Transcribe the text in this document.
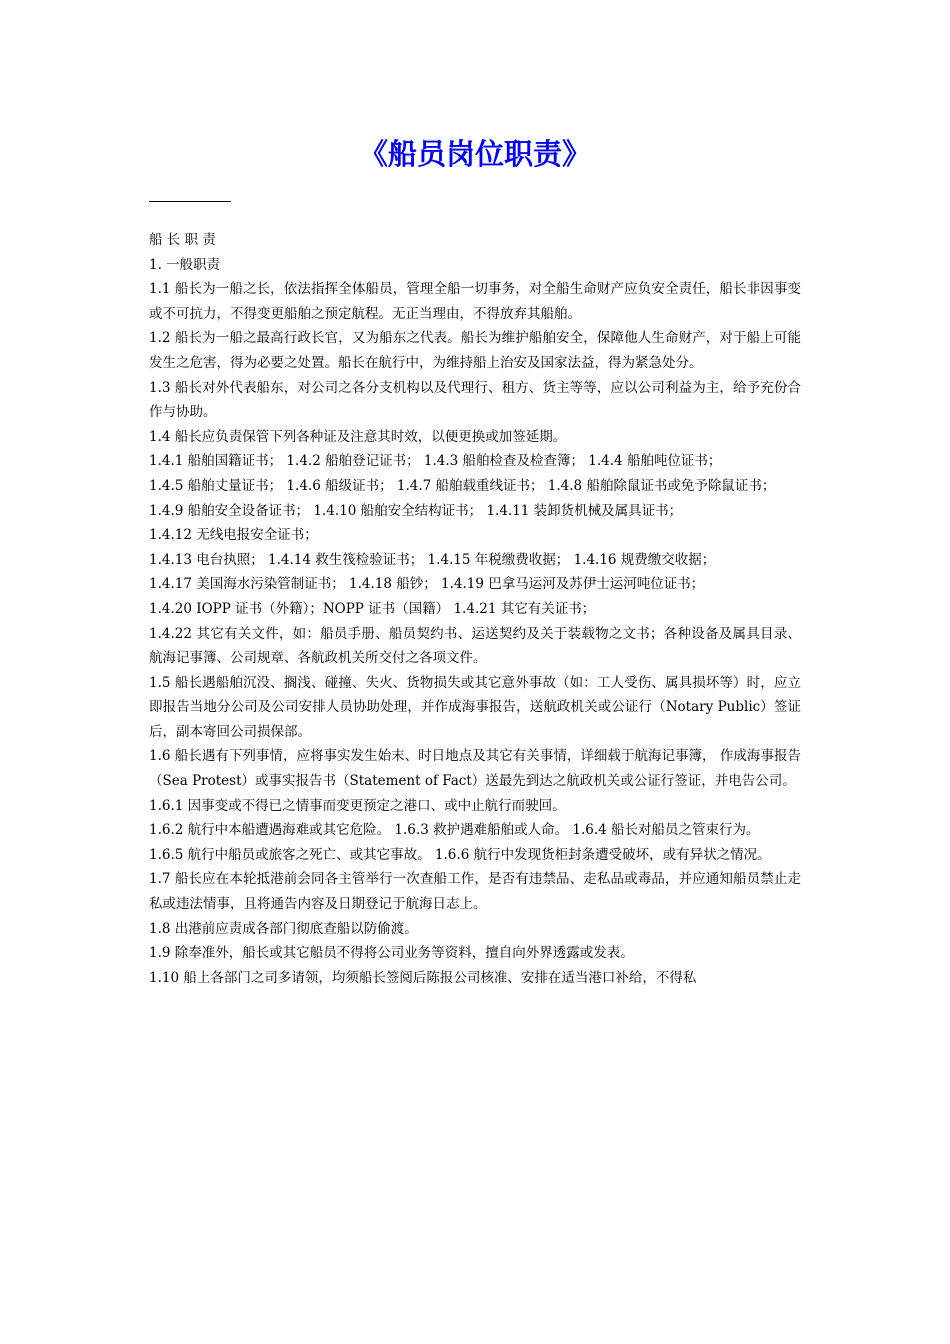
《船员岗位职责》

船 长 职 责

1. 一般职责

1.1 船长为一船之长，依法指挥全体船员，管理全船一切事务，对全船生命财产应负安全责任，船长非因事变或不可抗力，不得变更船舶之预定航程。无正当理由，不得放弃其船舶。

1.2 船长为一船之最高行政长官，又为船东之代表。船长为维护船舶安全，保障他人生命财产，对于船上可能发生之危害，得为必要之处置。船长在航行中，为维持船上治安及国家法益，得为紧急处分。

1.3 船长对外代表船东，对公司之各分支机构以及代理行、租方、货主等等，应以公司利益为主，给予充份合作与协助。

1.4 船长应负责保管下列各种证及注意其时效，以便更换或加签延期。

1.4.1 船舶国籍证书； 1.4.2 船舶登记证书； 1.4.3 船舶检查及检查簿； 1.4.4 船舶吨位证书；

1.4.5 船舶丈量证书； 1.4.6 船级证书； 1.4.7 船舶载重线证书； 1.4.8 船舶除鼠证书或免予除鼠证书；

1.4.9 船舶安全设备证书； 1.4.10 船舶安全结构证书； 1.4.11 装卸货机械及属具证书；

1.4.12 无线电报安全证书；

1.4.13 电台执照； 1.4.14 救生筏检验证书； 1.4.15 年税缴费收据； 1.4.16 规费缴交收据；

1.4.17 美国海水污染管制证书； 1.4.18 船钞； 1.4.19 巴拿马运河及苏伊士运河吨位证书；

1.4.20 IOPP 证书（外籍）；NOPP 证书（国籍） 1.4.21 其它有关证书；

1.4.22 其它有关文件，如：船员手册、船员契约书、运送契约及关于装载物之文书；各种设备及属具目录、航海记事簿、公司规章、各航政机关所交付之各项文件。

1.5 船长遇船舶沉没、搁浅、碰撞、失火、货物损失或其它意外事故（如：工人受伤、属具损坏等）时，应立即报告当地分公司及公司安排人员协助处理，并作成海事报告，送航政机关或公证行（Notary Public）签证后，副本寄回公司损保部。

1.6 船长遇有下列事情，应将事实发生始末、时日地点及其它有关事情，详细载于航海记事簿， 作成海事报告（Sea Protest）或事实报告书（Statement of Fact）送最先到达之航政机关或公证行签证，并电告公司。

1.6.1 因事变或不得已之情事而变更预定之港口、或中止航行而驶回。

1.6.2 航行中本船遭遇海难或其它危险。 1.6.3 救护遇难船舶或人命。 1.6.4 船长对船员之管束行为。

1.6.5 航行中船员或旅客之死亡、或其它事故。 1.6.6 航行中发现货柜封条遭受破坏，或有异状之情况。

1.7 船长应在本轮抵港前会同各主管举行一次查船工作，是否有违禁品、走私品或毒品，并应通知船员禁止走私或违法情事，且将通告内容及日期登记于航海日志上。

1.8 出港前应责成各部门彻底查船以防偷渡。

1.9 除奉准外，船长或其它船员不得将公司业务等资料，擅自向外界透露或发表。

1.10 船上各部门之司多请领，均须船长签阅后陈报公司核准、安排在适当港口补给，不得私
